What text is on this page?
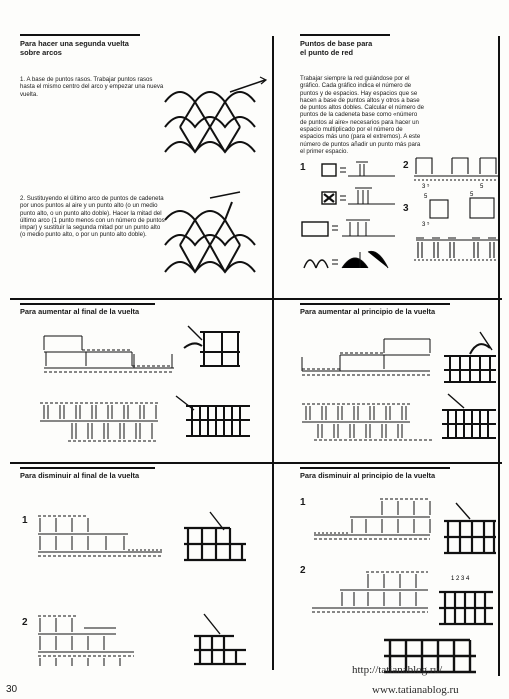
Para hacer una segunda vuelta
sobre arcos

1. A base de puntos rasos. Trabajar puntos rasos hasta el mismo centro del arco y empezar una nueva vuelta.

2. Sustituyendo el último arco de puntos de cadeneta por unos puntos al aire y un punto alto (o un medio punto alto, o un punto alto doble). Hacer la mitad del último arco (1 punto menos con un número de puntos impar) y sustituir la segunda mitad por un punto alto (o medio punto alto, o por un punto alto doble).

Puntos de base para
el punto de red

Trabajar siempre la red guiándose por el gráfico. Cada gráfico indica el número de puntos y de espacios. Hay espacios que se hacen a base de puntos altos y otros a base de puntos altos dobles. Calcular el número de puntos de la cadeneta base como «número de puntos al aire» necesarios para hacer un espacio multiplicado por el número de espacios más uno (para el extremos). A este número de puntos añadir un punto más para el primer espacio.

1	2
3
3 ⁵	5
5	5
3 ⁵
Para aumentar al final de la vuelta	Para aumentar al principio de la vuelta
Para disminuir al final de la vuelta
1
2
Para disminuir al principio de la vuelta
1
2
1 2 3 4
30
http://tatianablog.ru/
www.tatianablog.ru
